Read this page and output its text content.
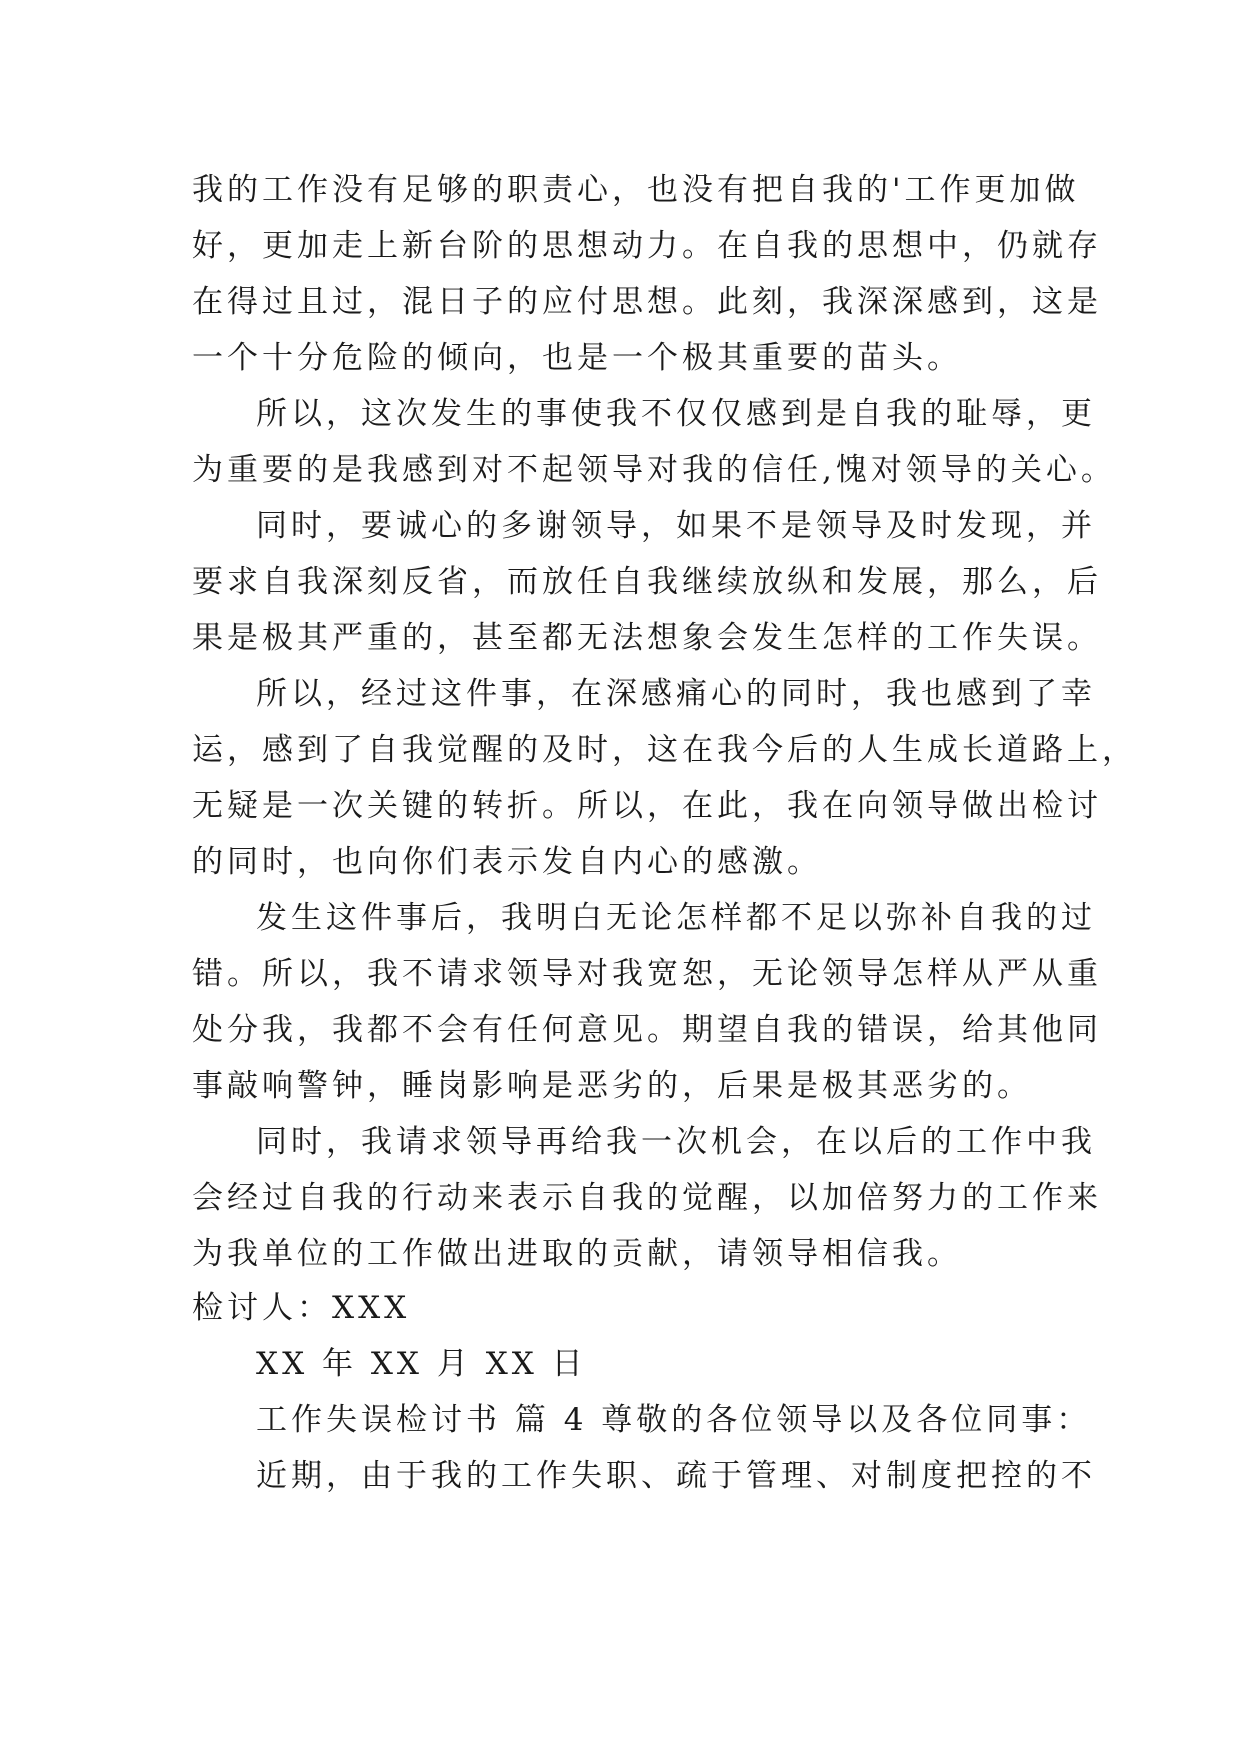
我的工作没有足够的职责心，也没有把自我的'工作更加做
好，更加走上新台阶的思想动力。在自我的思想中，仍就存
在得过且过，混日子的应付思想。此刻，我深深感到，这是
一个十分危险的倾向，也是一个极其重要的苗头。
所以，这次发生的事使我不仅仅感到是自我的耻辱，更
为重要的是我感到对不起领导对我的信任,愧对领导的关心。
同时，要诚心的多谢领导，如果不是领导及时发现，并
要求自我深刻反省，而放任自我继续放纵和发展，那么，后
果是极其严重的，甚至都无法想象会发生怎样的工作失误。
所以，经过这件事，在深感痛心的同时，我也感到了幸
运，感到了自我觉醒的及时，这在我今后的人生成长道路上，
无疑是一次关键的转折。所以，在此，我在向领导做出检讨
的同时，也向你们表示发自内心的感激。
发生这件事后，我明白无论怎样都不足以弥补自我的过
错。所以，我不请求领导对我宽恕，无论领导怎样从严从重
处分我，我都不会有任何意见。期望自我的错误，给其他同
事敲响警钟，睡岗影响是恶劣的，后果是极其恶劣的。
同时，我请求领导再给我一次机会，在以后的工作中我
会经过自我的行动来表示自我的觉醒，以加倍努力的工作来
为我单位的工作做出进取的贡献，请领导相信我。
检讨人：XXX
XX 年 XX 月 XX 日
工作失误检讨书 篇 4 尊敬的各位领导以及各位同事：
近期，由于我的工作失职、疏于管理、对制度把控的不
